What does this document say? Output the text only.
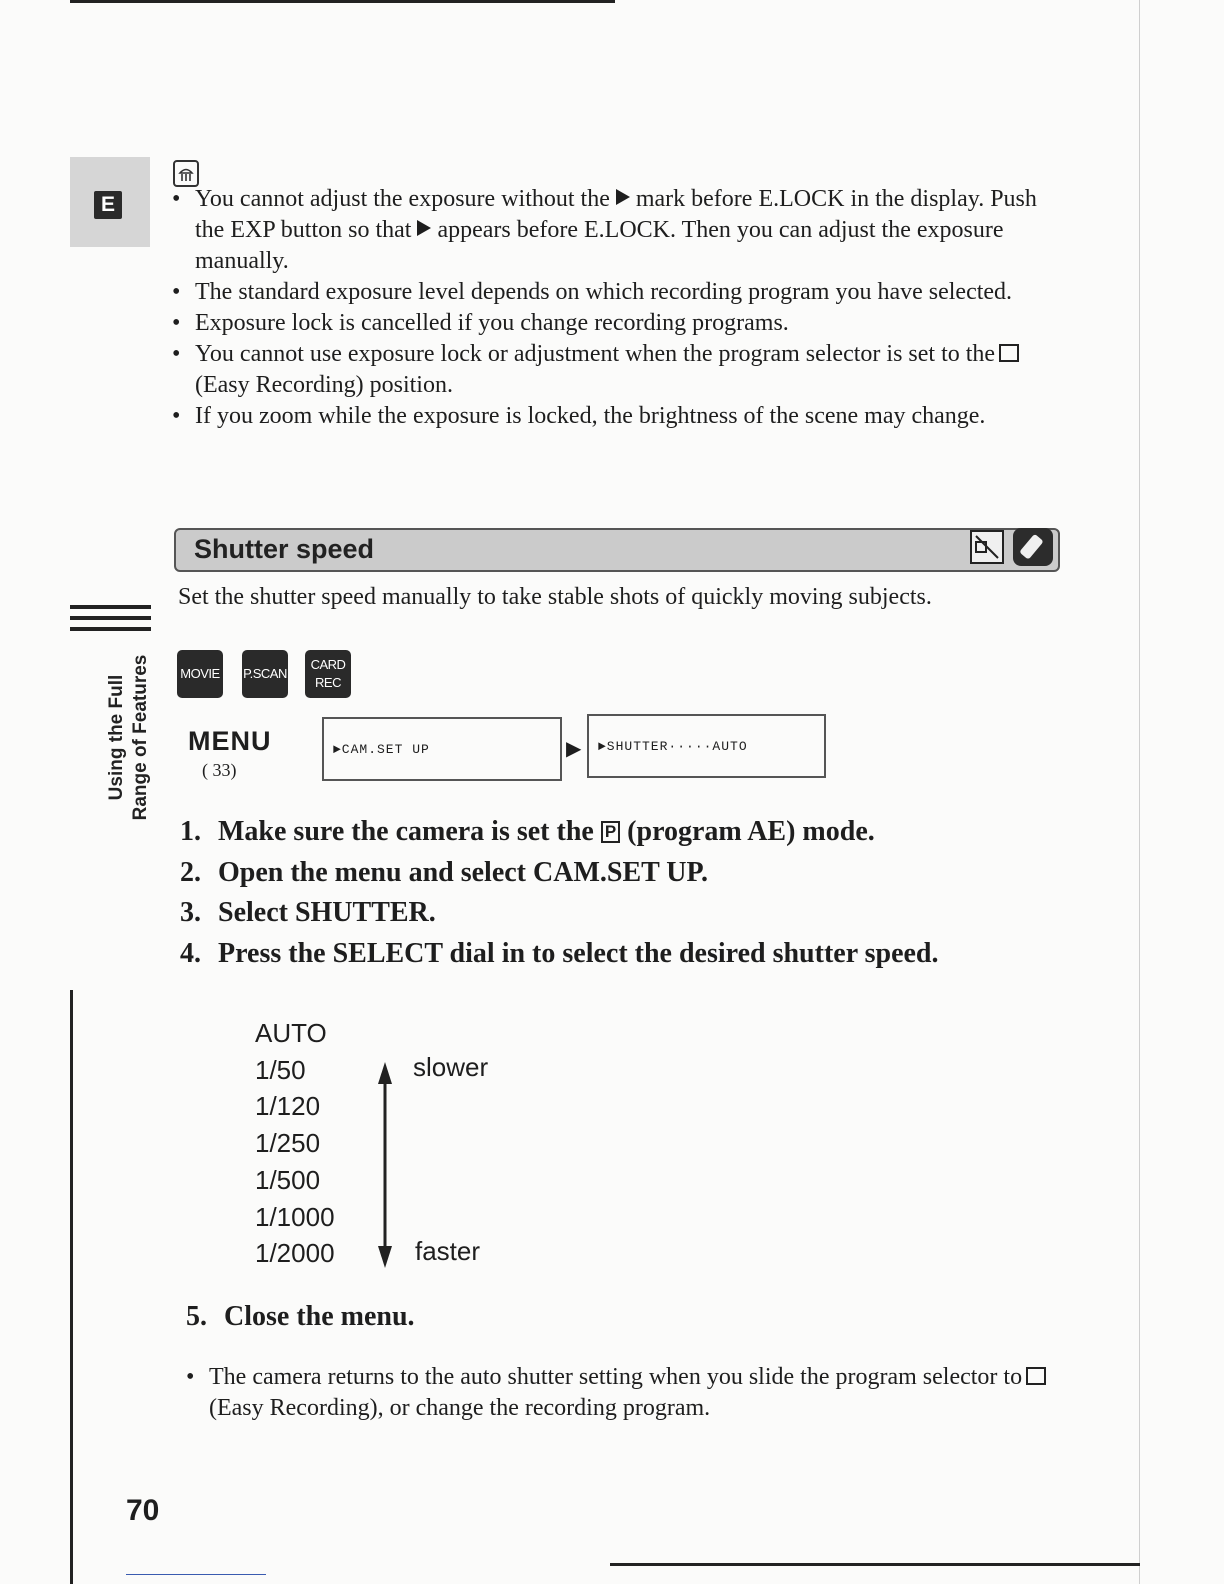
E
•	You cannot adjust the exposure without the mark before E.LOCK in the display. Push the EXP button so that appears before E.LOCK. Then you can adjust the exposure manually.
• The standard exposure level depends on which recording program you have selected.
• Exposure lock is cancelled if you change recording programs.
• You cannot use exposure lock or adjustment when the program selector is set to the(Easy Recording) position.
• If you zoom while the exposure is locked, the brightness of the scene may change.
Shutter speed
Set the shutter speed manually to take stable shots of quickly moving subjects.
Using the Full Range of Features MOVIE P.SCAN
CARD
REC
MENU
( 33)
►CAM.SET UP	▶	►SHUTTER·····AUTO
1. Make sure the camera is set the P (program AE) mode.
2. Open the menu and select CAM.SET UP.
3. Select SHUTTER.
4. Press the SELECT dial in to select the desired shutter speed.
AUTO
1/50
1/120
1/250
1/500
1/1000
1/2000
slower
faster
5. Close the menu.
• The camera returns to the auto shutter setting when you slide the program selector to(Easy Recording), or change the recording program.
70
